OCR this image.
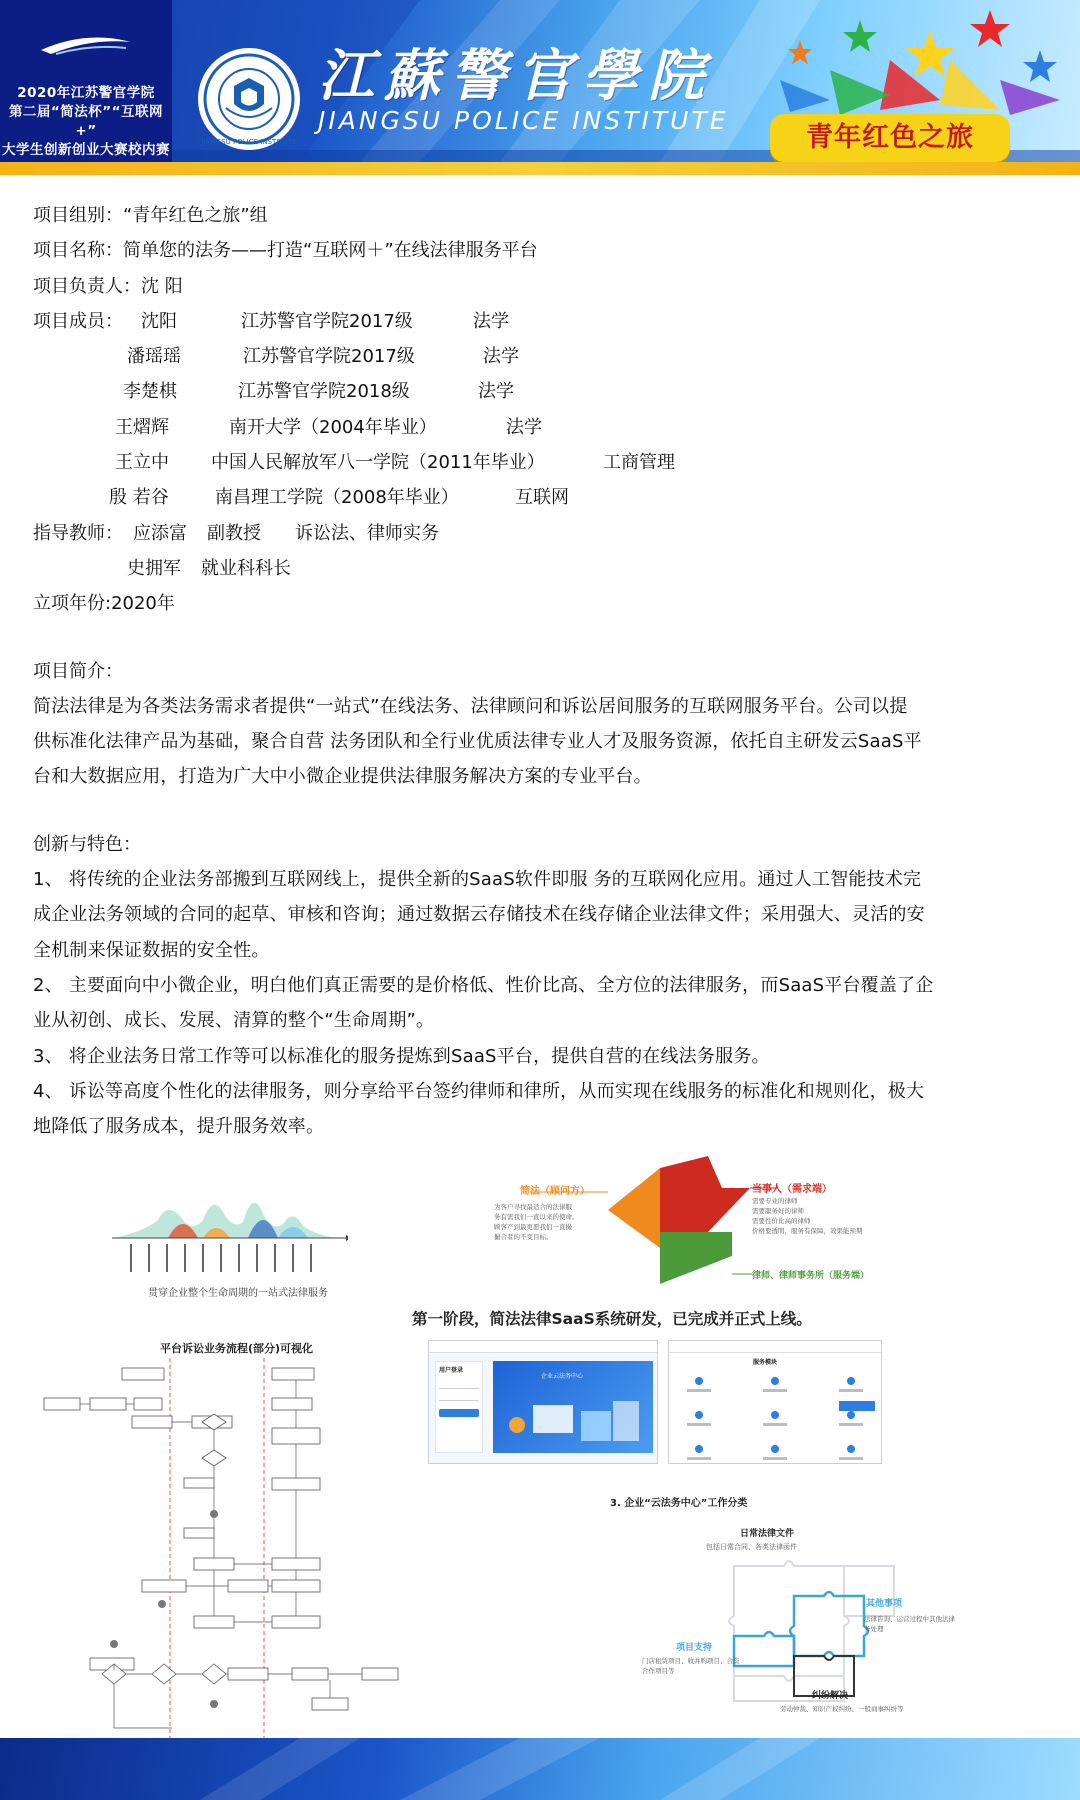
2020年江苏警官学院
第二届“简法杯”“互联网+”
大学生创新创业大赛校内赛	JIANGSU POLICE INSTITUTE
江蘇警官學院
JIANGSU POLICE INSTITUTE
青年红色之旅
项目组别：“青年红色之旅”组
项目名称：简单您的法务——打造“互联网＋”在线法律服务平台
项目负责人：沈 阳
项目成员： 沈阳	江苏警官学院2017级	法学
潘瑶瑶	江苏警官学院2017级	法学
李楚棋	江苏警官学院2018级	法学
王熠辉	南开大学（2004年毕业）	法学
王立中 中国人民解放军八一学院（2011年毕业）	工商管理
殷 若谷	南昌理工学院（2008年毕业）	互联网
指导教师： 应添富 副教授 诉讼法、律师实务
史拥军 就业科科长
立项年份:2020年
项目简介：
简法法律是为各类法务需求者提供“一站式”在线法务、法律顾问和诉讼居间服务的互联网服务平台。公司以提
供标准化法律产品为基础，聚合自营 法务团队和全行业优质法律专业人才及服务资源，依托自主研发云SaaS平
台和大数据应用，打造为广大中小微企业提供法律服务解决方案的专业平台。
创新与特色：
1、 将传统的企业法务部搬到互联网线上，提供全新的SaaS软件即服 务的互联网化应用。通过人工智能技术完
成企业法务领域的合同的起草、审核和咨询；通过数据云存储技术在线存储企业法律文件；采用强大、灵活的安
全机制来保证数据的安全性。
2、 主要面向中小微企业，明白他们真正需要的是价格低、性价比高、全方位的法律服务，而SaaS平台覆盖了企
业从初创、成长、发展、清算的整个“生命周期”。
3、 将企业法务日常工作等可以标准化的服务提炼到SaaS平台，提供自营的在线法务服务。
4、 诉讼等高度个性化的法律服务，则分享给平台签约律师和律所，从而实现在线服务的标准化和规则化，极大
地降低了服务成本，提升服务效率。
贯穿企业整个生命周期的一站式法律服务
简法（顾问方）
为客户寻找最适合的法律服
务有需我们一直以来的使命。
顾客产到最更愿我们一直撮
撮合者的不变目标。
当事人（需求端）
需要专业的律师
需要服务好的律师
需要性价比高的律师
价格要透明，服务有保障，效果能预期
律师、律师事务所（服务端）
第一阶段，简法法律SaaS系统研发，已完成并正式上线。
平台诉讼业务流程(部分)可视化
用户登录
企业云法务中心
服务模块
3. 企业“云法务中心”工作分类
日常法律文件
包括日常合同、各类法律函件
其他事项
法律咨询、运营过程中其他法律
务处理
项目支持
门店租赁项目、收并购项目、合资
合作项目等
纠纷解决
劳动仲裁、知识产权纠纷、一般商事纠纷等
